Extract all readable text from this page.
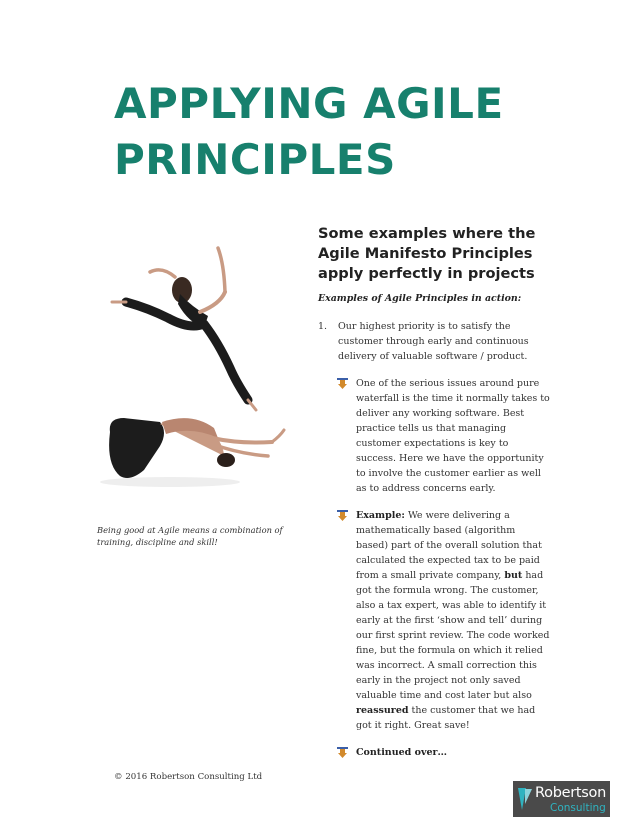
APPLYING AGILE
PRINCIPLES

Being good at Agile means a combination of training, discipline and skill!

Some examples where the Agile Manifesto Principles apply perfectly in projects

Examples of Agile Principles in action:

1. Our highest priority is to satisfy the customer through early and continuous delivery of valuable software / product.
One of the serious issues around pure waterfall is the time it normally takes to deliver any working software. Best practice tells us that managing customer expectations is key to success. Here we have the opportunity to involve the customer earlier as well as to address concerns early.
Example: We were delivering a mathematically based (algorithm based) part of the overall solution that calculated the expected tax to be paid from a small private company, but had got the formula wrong. The customer, also a tax expert, was able to identify it early at the first ‘show and tell’ during our first sprint review. The code worked fine, but the formula on which it relied was incorrect. A small correction this early in the project not only saved valuable time and cost later but also reassured the customer that we had got it right. Great save!
Continued over…

© 2016 Robertson Consulting Ltd

Robertson
Consulting
